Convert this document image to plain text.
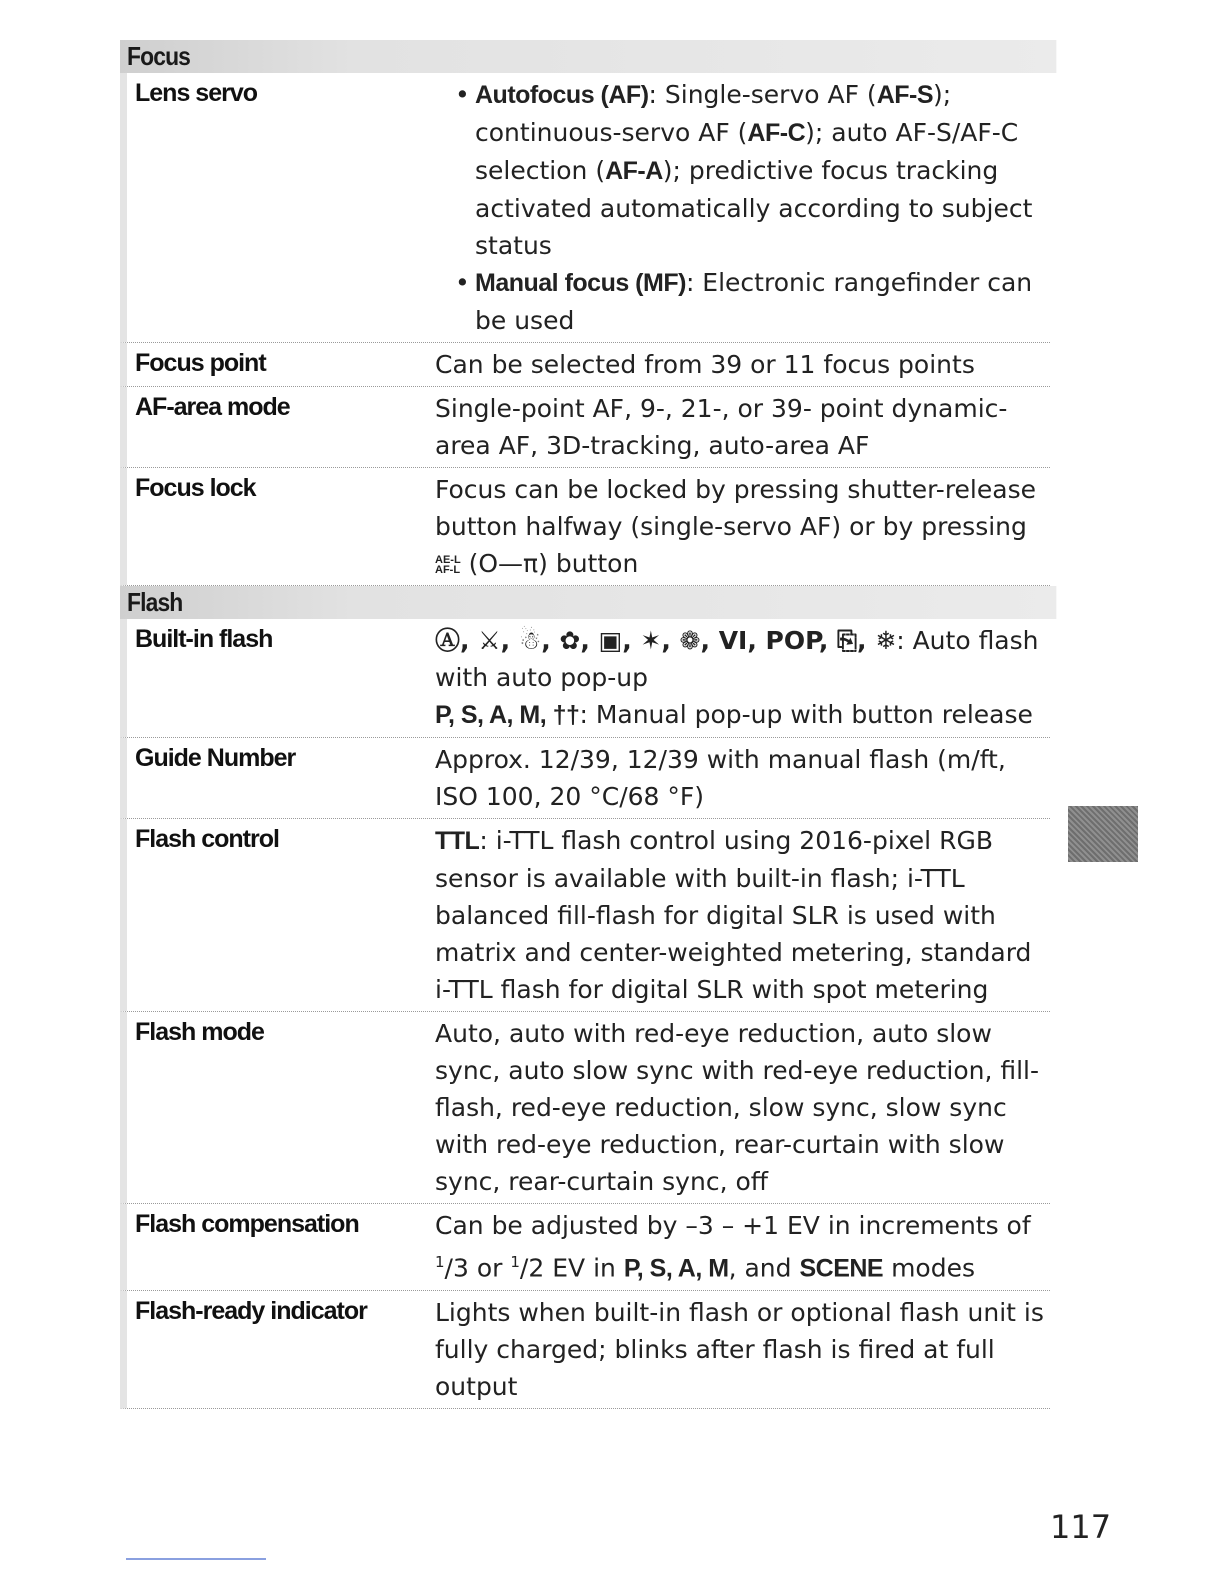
Focus
Lens servo
•	Autofocus (AF): Single-servo AF (AF-S); continuous-servo AF (AF-C); auto AF-S/AF-C selection (AF-A); predictive focus tracking activated automatically according to subject status
• Manual focus (MF): Electronic rangefinder can be used
Focus point	Can be selected from 39 or 11 focus points
AF-area mode	Single-point AF, 9-, 21-, or 39- point dynamic-area AF, 3D-tracking, auto-area AF
Focus lock	Focus can be locked by pressing shutter-release button halfway (single-servo AF) or by pressing
AE-L
AF-L (O—π) button
Flash
Built-in flash	Ⓐ, ⚔, ☃, ✿, ▣, ✶, ❁, VI, POP, ⎘, ❄: Auto flash with auto pop-up
P, S, A, M, ††: Manual pop-up with button release
Guide Number	Approx. 12/39, 12/39 with manual flash (m/ft, ISO 100, 20 °C/68 °F)
Flash control	TTL: i-TTL flash control using 2016-pixel RGB sensor is available with built-in flash; i-TTL balanced fill-flash for digital SLR is used with matrix and center-weighted metering, standard i-TTL flash for digital SLR with spot metering
Flash mode	Auto, auto with red-eye reduction, auto slow sync, auto slow sync with red-eye reduction, fill-flash, red-eye reduction, slow sync, slow sync with red-eye reduction, rear-curtain with slow sync, rear-curtain sync, off
Flash compensation	Can be adjusted by –3 – +1 EV in increments of
$^1$/3 or $^1$/2 EV in P, S, A, M, and SCENE modes
Flash-ready indicator	Lights when built-in flash or optional flash unit is fully charged; blinks after flash is fired at full output
117
